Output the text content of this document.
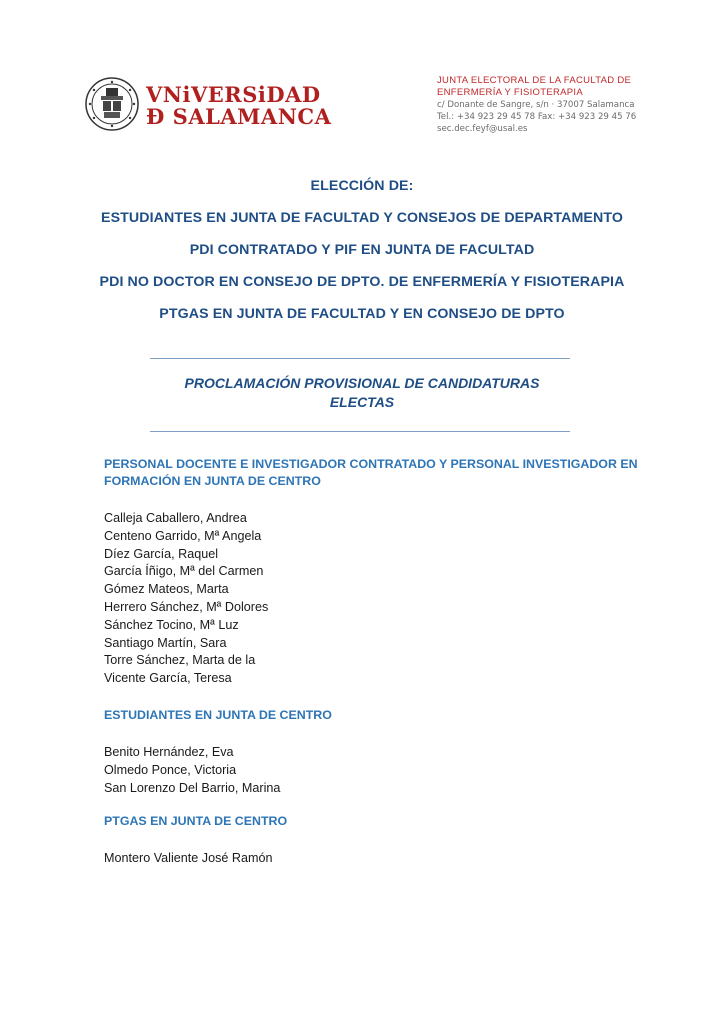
VNiVERSiDAD
Ð SALAMANCA
JUNTA ELECTORAL DE LA FACULTAD DE
ENFERMERÍA Y FISIOTERAPIA
c/ Donante de Sangre, s/n · 37007 Salamanca
Tel.: +34 923 29 45 78 Fax: +34 923 29 45 76
sec.dec.feyf@usal.es
ELECCIÓN DE:
ESTUDIANTES EN JUNTA DE FACULTAD Y CONSEJOS DE DEPARTAMENTO
PDI CONTRATADO Y PIF EN JUNTA DE FACULTAD
PDI NO DOCTOR EN CONSEJO DE DPTO. DE ENFERMERÍA Y FISIOTERAPIA
PTGAS EN JUNTA DE FACULTAD Y EN CONSEJO DE DPTO
PROCLAMACIÓN PROVISIONAL DE CANDIDATURAS
ELECTAS
PERSONAL DOCENTE E INVESTIGADOR CONTRATADO Y PERSONAL INVESTIGADOR EN
FORMACIÓN EN JUNTA DE CENTRO
Calleja Caballero, Andrea
Centeno Garrido, Mª Angela
Díez García, Raquel
García Íñigo, Mª del Carmen
Gómez Mateos, Marta
Herrero Sánchez, Mª Dolores
Sánchez Tocino, Mª Luz
Santiago Martín, Sara
Torre Sánchez, Marta de la
Vicente García, Teresa
ESTUDIANTES EN JUNTA DE CENTRO
Benito Hernández, Eva
Olmedo Ponce, Victoria
San Lorenzo Del Barrio, Marina
PTGAS EN JUNTA DE CENTRO
Montero Valiente José Ramón
